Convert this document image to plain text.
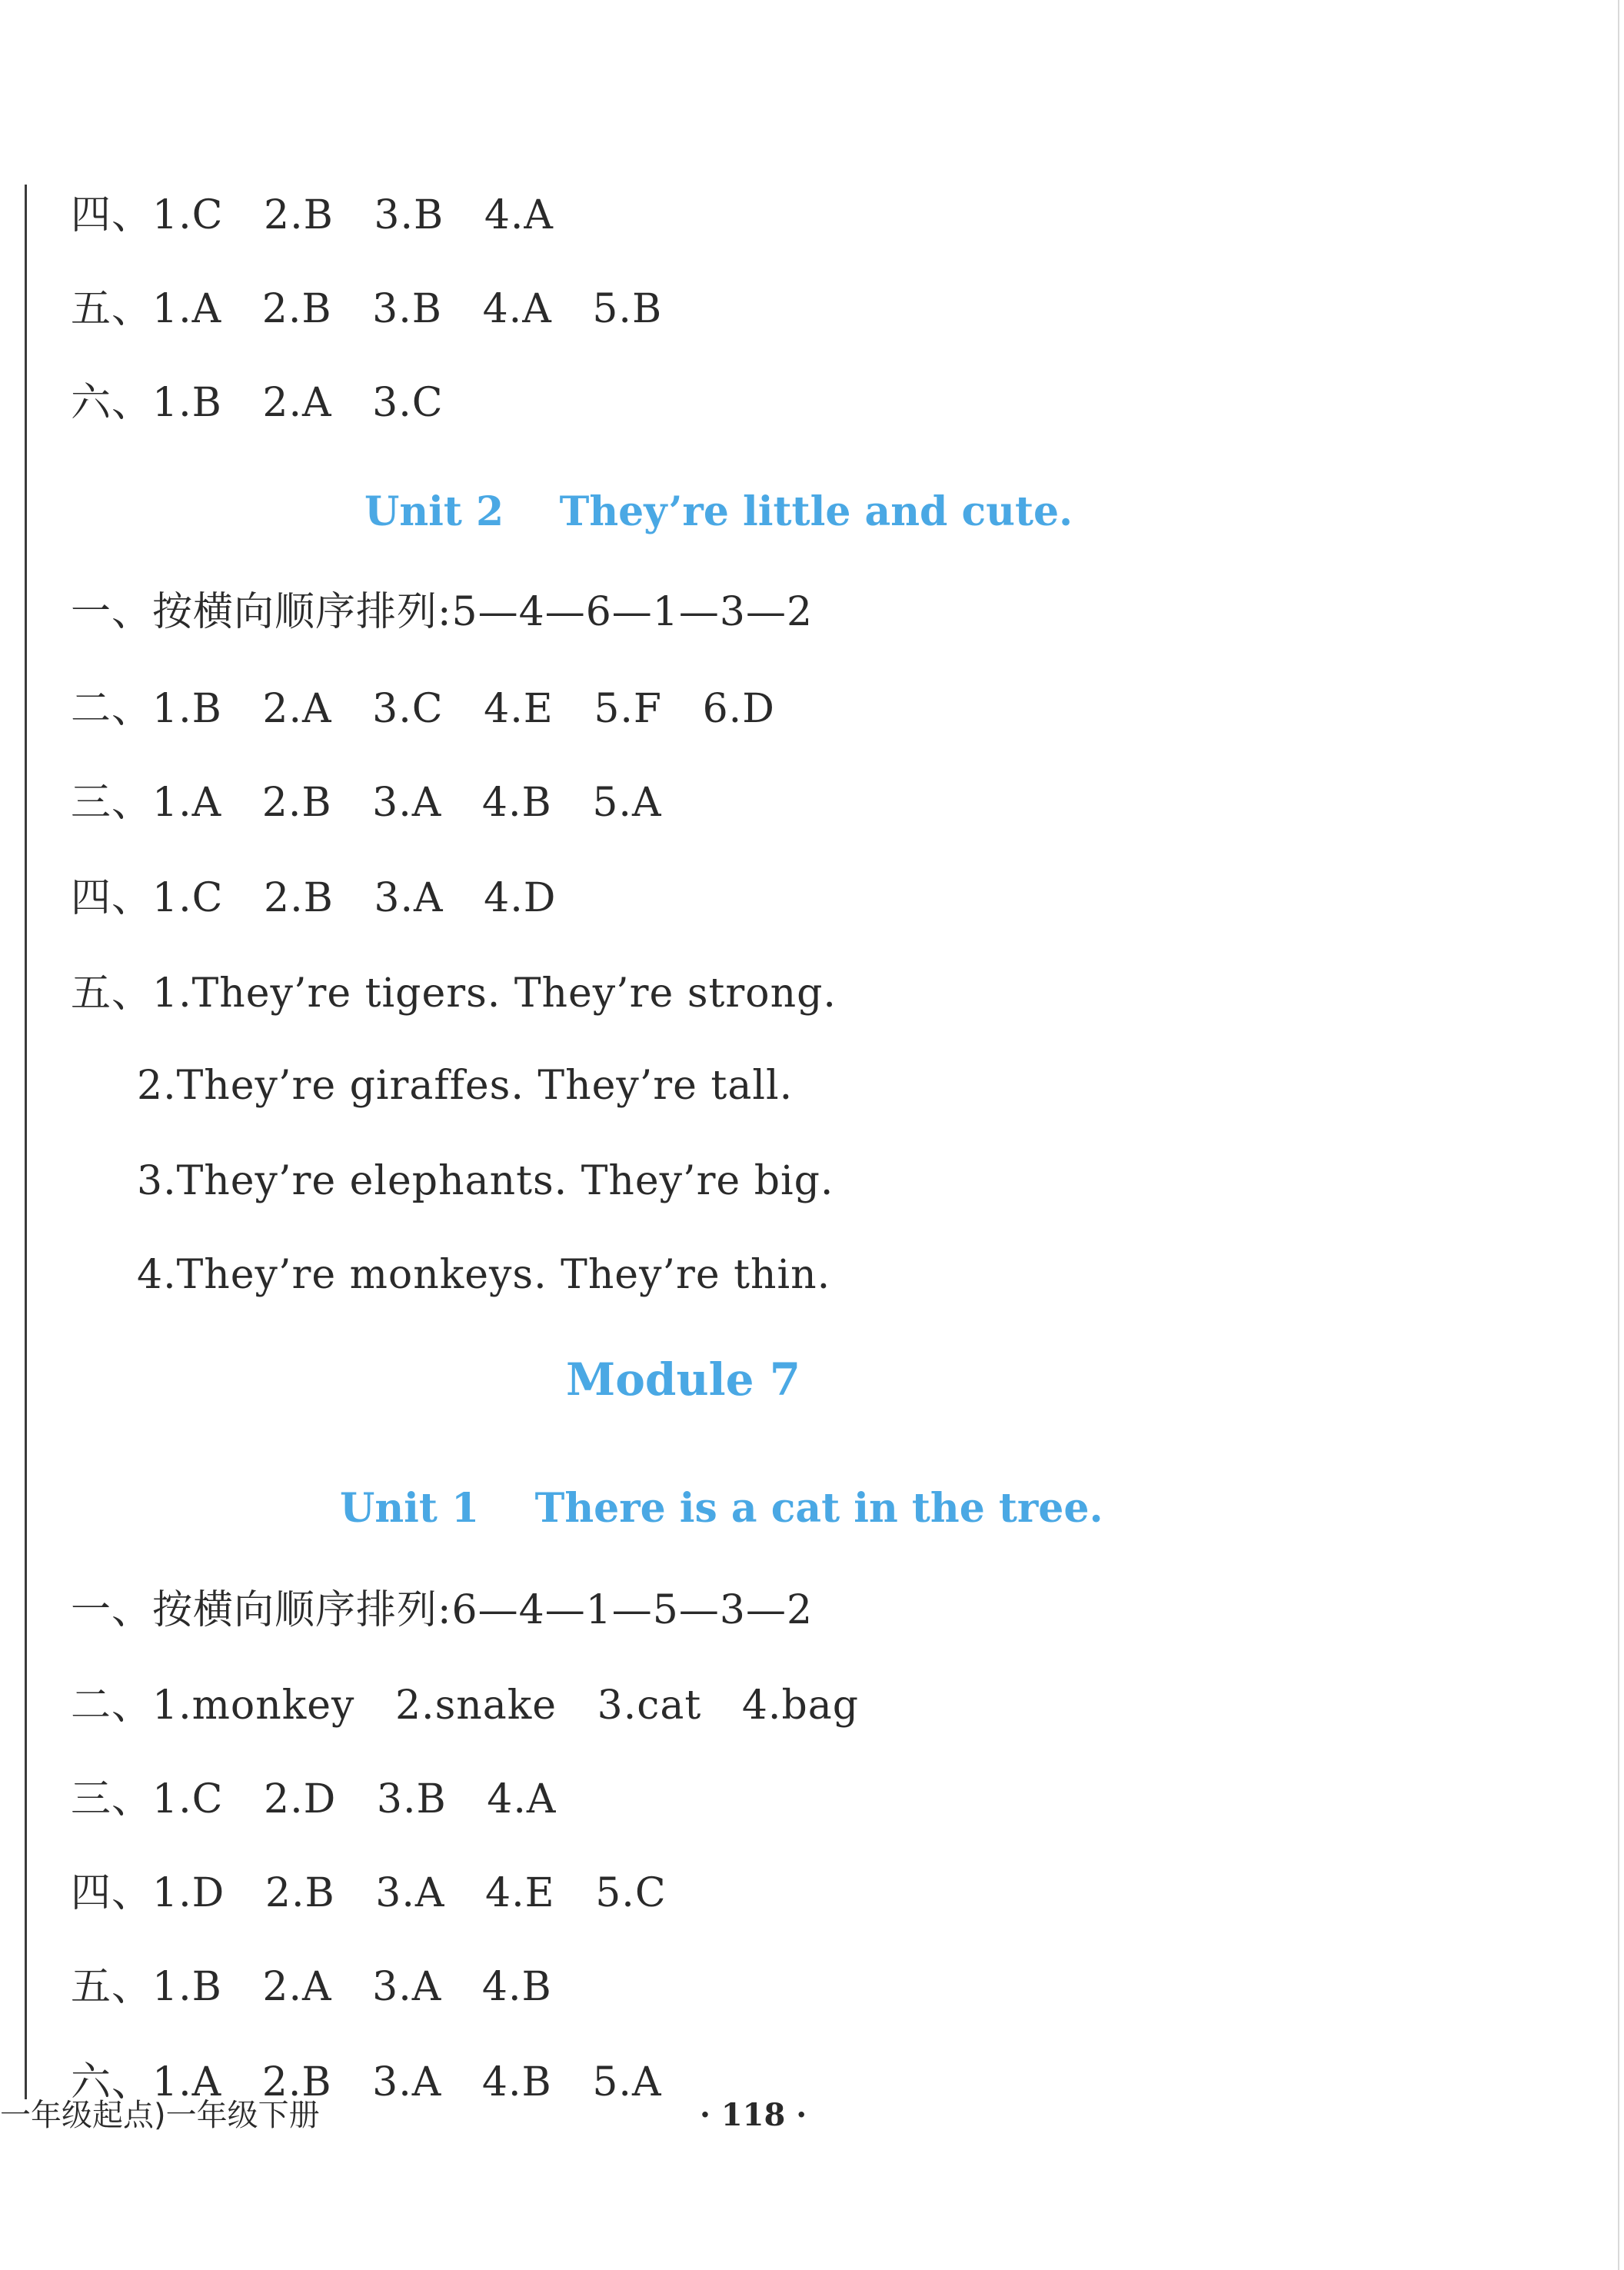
四、1.C   2.B   3.B   4.A
五、1.A   2.B   3.B   4.A   5.B
六、1.B   2.A   3.C
Unit 2    They’re little and cute.
一、按横向顺序排列:5—4—6—1—3—2
二、1.B   2.A   3.C   4.E   5.F   6.D
三、1.A   2.B   3.A   4.B   5.A
四、1.C   2.B   3.A   4.D
五、1.They’re tigers. They’re strong.
2.They’re giraffes. They’re tall.
3.They’re elephants. They’re big.
4.They’re monkeys. They’re thin.
Module 7
Unit 1    There is a cat in the tree.
一、按横向顺序排列:6—4—1—5—3—2
二、1.monkey   2.snake   3.cat   4.bag
三、1.C   2.D   3.B   4.A
四、1.D   2.B   3.A   4.E   5.C
五、1.B   2.A   3.A   4.B
六、1.A   2.B   3.A   4.B   5.A
一年级起点)一年级下册	· 118 ·
